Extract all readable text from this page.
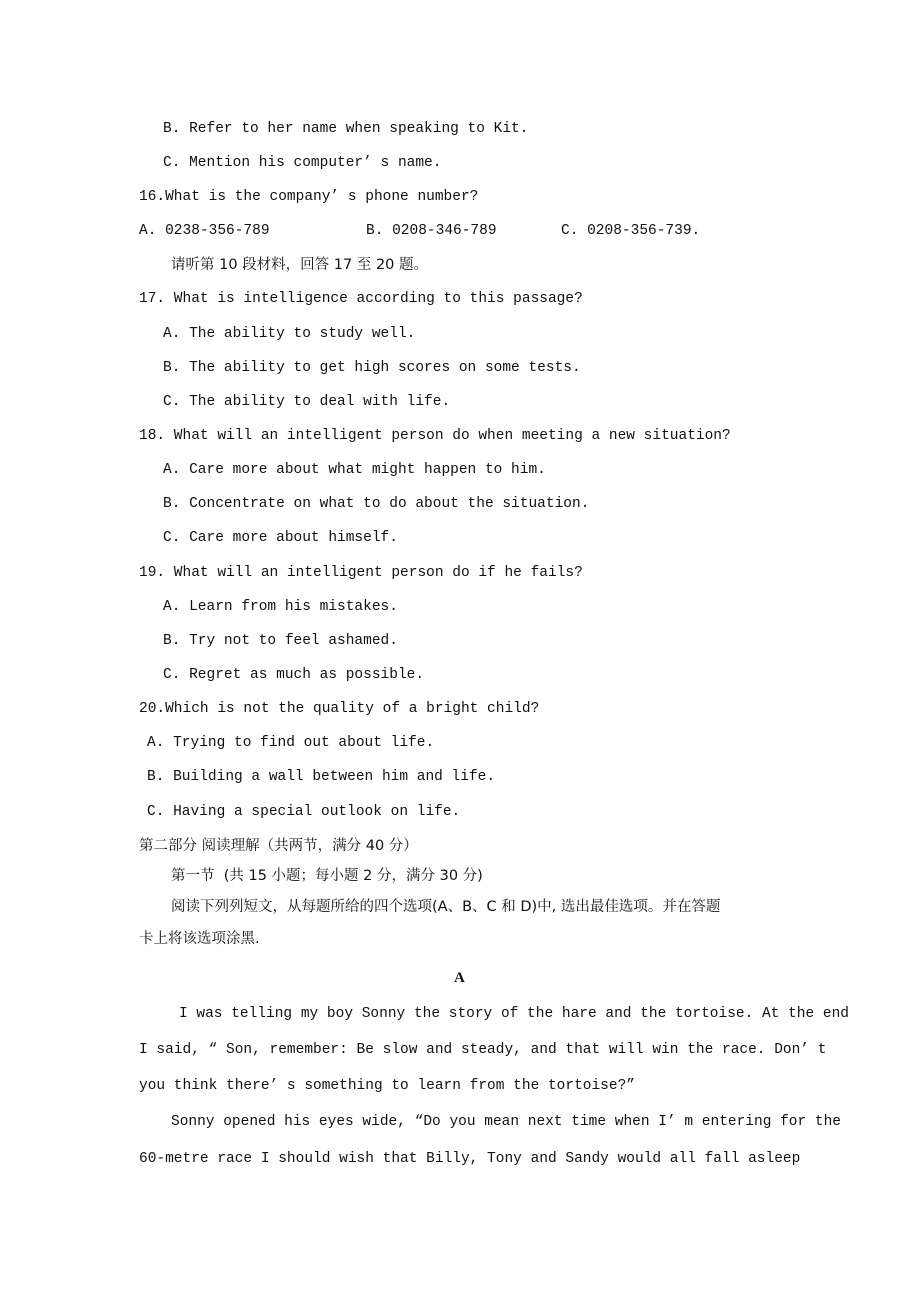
B. Refer to her name when speaking to Kit.
C. Mention his computer’ s name.
16.What is the company’ s phone number?
A. 0238-356-789	B. 0208-346-789	C. 0208-356-739.
请听第 10 段材料，回答 17 至 20 题。
17. What is intelligence according to this passage?
A. The ability to study well.
B. The ability to get high scores on some tests.
C. The ability to deal with life.
18. What will an intelligent person do when meeting a new situation?
A. Care more about what might happen to him.
B. Concentrate on what to do about the situation.
C. Care more about himself.
19. What will an intelligent person do if he fails?
A. Learn from his mistakes.
B. Try not to feel ashamed.
C. Regret as much as possible.
20.Which is not the quality of a bright child?
A. Trying to find out about life.
B. Building a wall between him and life.
C. Having a special outlook on life.
第二部分 阅读理解（共两节，满分 40 分）
第一节  (共 15 小题；每小题 2 分，满分 30 分)
阅读下列列短文，从每题所给的四个选项(A、B、C 和 D)中, 选出最佳选项。并在答题
卡上将该选项涂黑.
A
I was telling my boy Sonny the story of the hare and the tortoise. At the end
I said, “ Son, remember: Be slow and steady, and that will win the race. Don’ t
you think there’ s something to learn from the tortoise?”
Sonny opened his eyes wide, “Do you mean next time when I’ m entering for the
60-metre race I should wish that Billy, Tony and Sandy would all fall asleep
